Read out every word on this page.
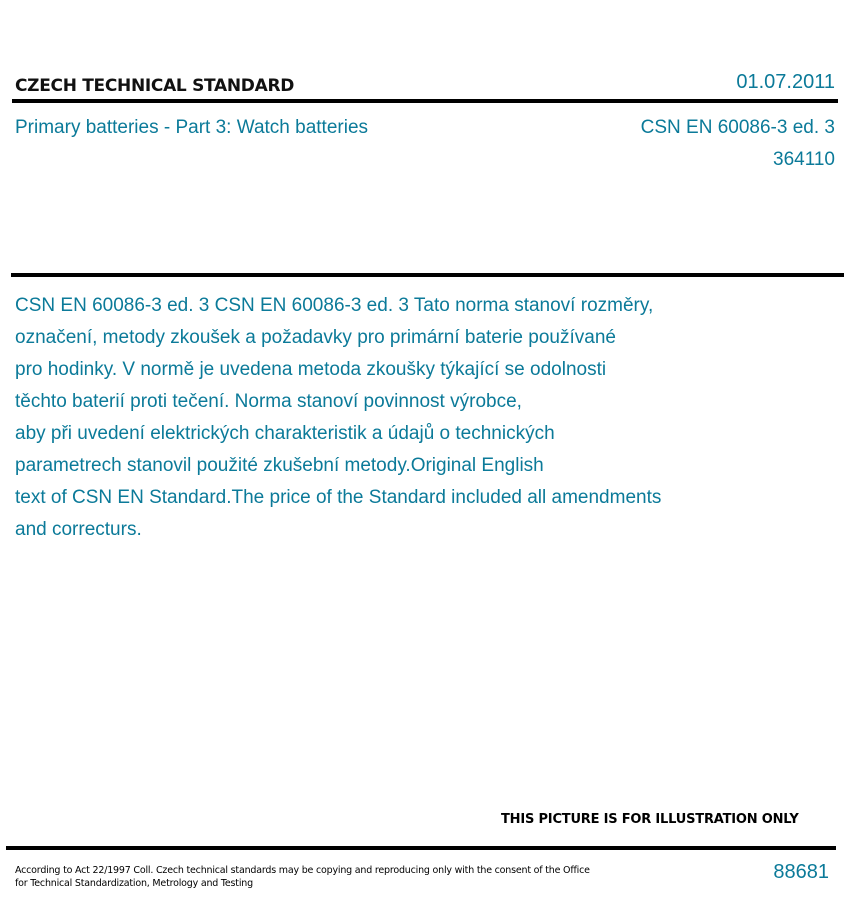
CZECH TECHNICAL STANDARD	01.07.2011
Primary batteries - Part 3: Watch batteries	CSN EN 60086-3 ed. 3
364110
CSN EN 60086-3 ed. 3 CSN EN 60086-3 ed. 3 Tato norma stanoví rozměry,
označení, metody zkoušek a požadavky pro primární baterie používané
pro hodinky. V normě je uvedena metoda zkoušky týkající se odolnosti
těchto baterií proti tečení. Norma stanoví povinnost výrobce,
aby při uvedení elektrických charakteristik a údajů o technických
parametrech stanovil použité zkušební metody.Original English
text of CSN EN Standard.The price of the Standard included all amendments
and correcturs.
THIS PICTURE IS FOR ILLUSTRATION ONLY
According to Act 22/1997 Coll. Czech technical standards may be copying and reproducing only with the consent of the Office
for Technical Standardization, Metrology and Testing
88681
